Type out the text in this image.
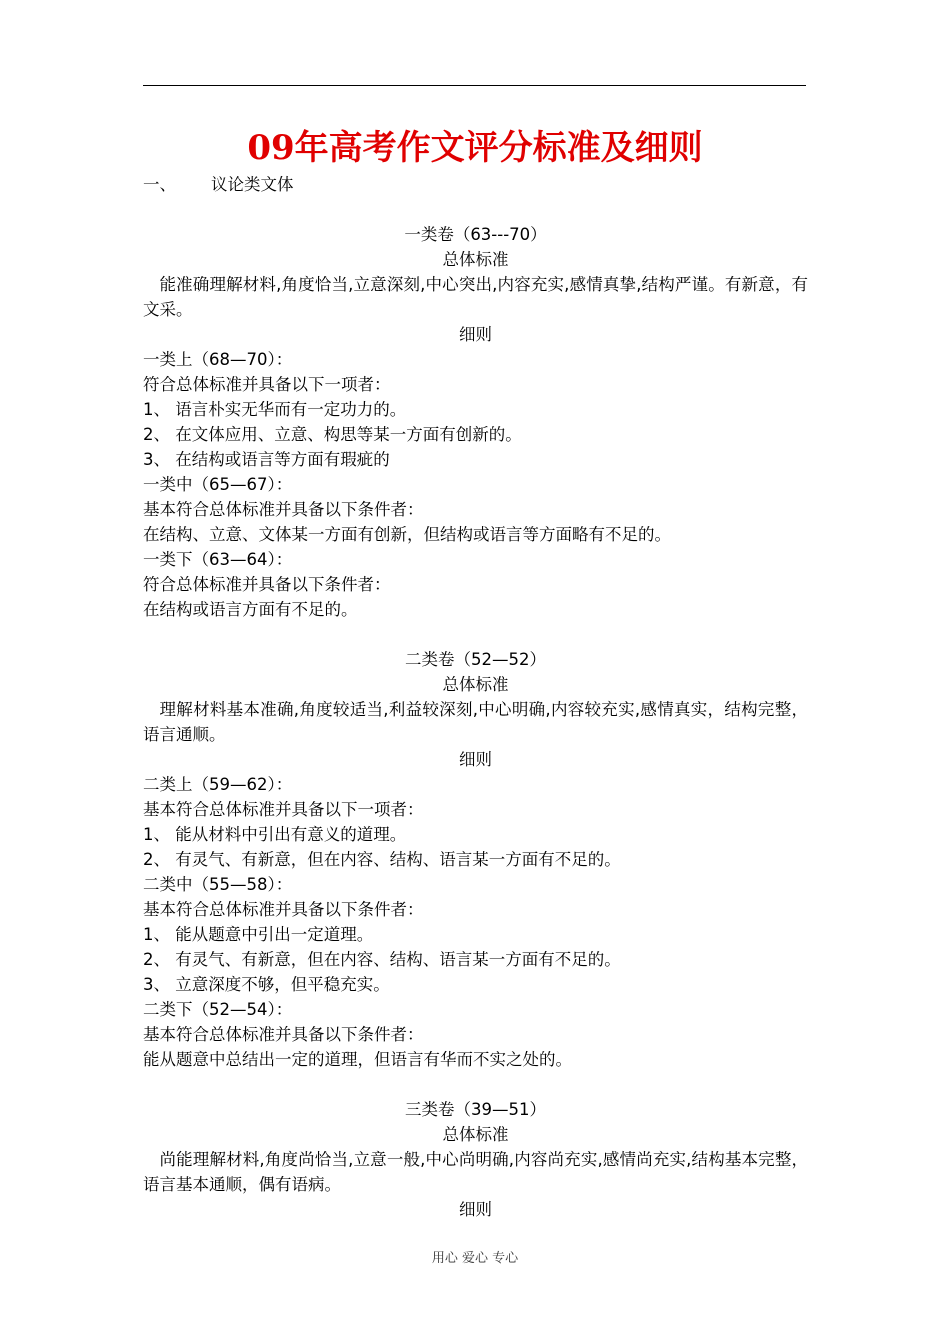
09年高考作文评分标准及细则
一、	议论类文体

一类卷（63---70）

总体标准

能准确理解材料,角度恰当,立意深刻,中心突出,内容充实,感情真挚,结构严谨。有新意，有文采。

细则

一类上（68—70）：

符合总体标准并具备以下一项者：

1、 语言朴实无华而有一定功力的。

2、 在文体应用、立意、构思等某一方面有创新的。

3、 在结构或语言等方面有瑕疵的

一类中（65—67）：

基本符合总体标准并具备以下条件者：

在结构、立意、文体某一方面有创新，但结构或语言等方面略有不足的。

一类下（63—64）：

符合总体标准并具备以下条件者：

在结构或语言方面有不足的。

二类卷（52—52）

总体标准

理解材料基本准确,角度较适当,利益较深刻,中心明确,内容较充实,感情真实，结构完整，语言通顺。

细则

二类上（59—62）：

基本符合总体标准并具备以下一项者：

1、 能从材料中引出有意义的道理。

2、 有灵气、有新意，但在内容、结构、语言某一方面有不足的。

二类中（55—58）：

基本符合总体标准并具备以下条件者：

1、 能从题意中引出一定道理。

2、 有灵气、有新意，但在内容、结构、语言某一方面有不足的。

3、 立意深度不够，但平稳充实。

二类下（52—54）：

基本符合总体标准并具备以下条件者：

能从题意中总结出一定的道理，但语言有华而不实之处的。

三类卷（39—51）

总体标准

尚能理解材料,角度尚恰当,立意一般,中心尚明确,内容尚充实,感情尚充实,结构基本完整，语言基本通顺，偶有语病。

细则

用心 爱心 专心
